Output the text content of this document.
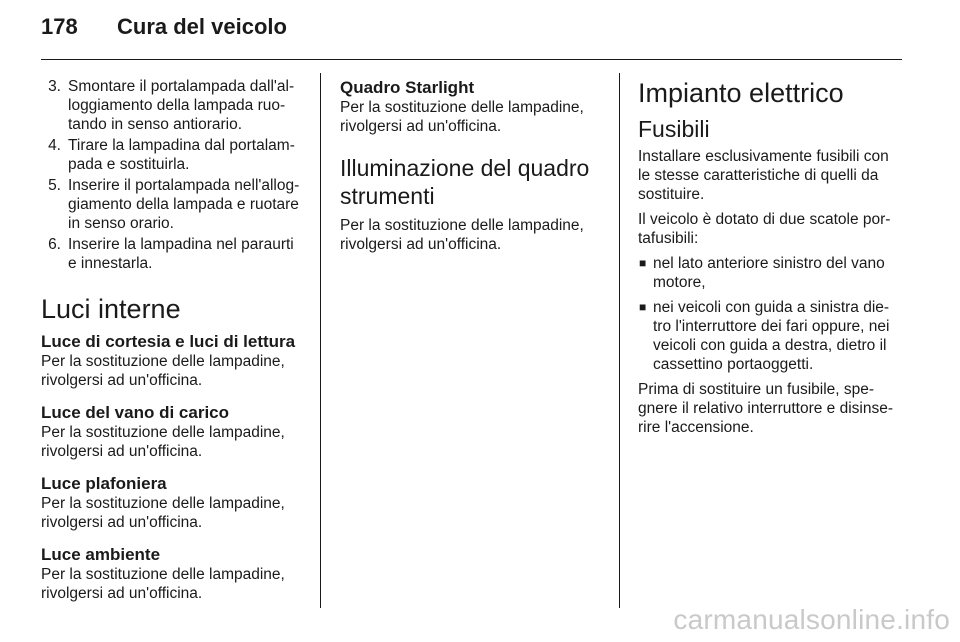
178	Cura del veicolo
3. Smontare il portalampada dall'al-loggiamento della lampada ruo-tando in senso antiorario.
4. Tirare la lampadina dal portalam-pada e sostituirla.
5. Inserire il portalampada nell'allog-giamento della lampada e ruotare in senso orario.
6. Inserire la lampadina nel paraurti e innestarla.
Luci interne
Luce di cortesia e luci di lettura

Per la sostituzione delle lampadine, rivolgersi ad un'officina.

Luce del vano di carico

Per la sostituzione delle lampadine, rivolgersi ad un'officina.

Luce plafoniera

Per la sostituzione delle lampadine, rivolgersi ad un'officina.

Luce ambiente

Per la sostituzione delle lampadine, rivolgersi ad un'officina.

Quadro Starlight

Per la sostituzione delle lampadine, rivolgersi ad un'officina.

Illuminazione del quadro strumenti

Per la sostituzione delle lampadine, rivolgersi ad un'officina.

Impianto elettrico
Fusibili

Installare esclusivamente fusibili con le stesse caratteristiche di quelli da sostituire.

Il veicolo è dotato di due scatole por-tafusibili:

■ nel lato anteriore sinistro del vano motore,
■ nei veicoli con guida a sinistra die-tro l'interruttore dei fari oppure, nei veicoli con guida a destra, dietro il cassettino portaoggetti.

Prima di sostituire un fusibile, spe-gnere il relativo interruttore e disinse-rire l'accensione.

carmanualsonline.info
